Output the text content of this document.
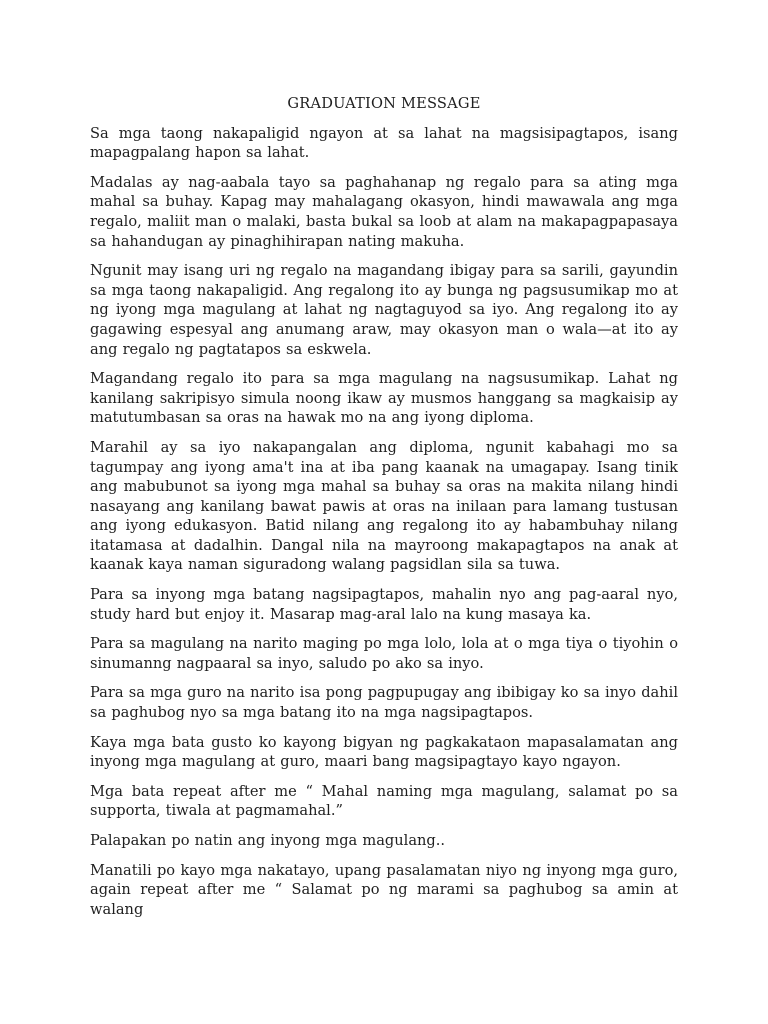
GRADUATION MESSAGE

Sa mga taong nakapaligid ngayon at sa lahat na magsisipagtapos, isang mapagpalang hapon sa lahat.

Madalas ay nag-aabala tayo sa paghahanap ng regalo para sa ating mga mahal sa buhay. Kapag may mahalagang okasyon, hindi mawawala ang mga regalo, maliit man o malaki, basta bukal sa loob at alam na makapagpapasaya sa hahandugan ay pinaghihirapan nating makuha.

Ngunit may isang uri ng regalo na magandang ibigay para sa sarili, gayundin sa mga taong nakapaligid. Ang regalong ito ay bunga ng pagsusumikap mo at ng iyong mga magulang at lahat ng nagtaguyod sa iyo. Ang regalong ito ay gagawing espesyal ang anumang araw, may okasyon man o wala—at ito ay ang regalo ng pagtatapos sa eskwela.

Magandang regalo ito para sa mga magulang na nagsusumikap. Lahat ng kanilang sakripisyo simula noong ikaw ay musmos hanggang sa magkaisip ay matutumbasan sa oras na hawak mo na ang iyong diploma.

Marahil ay sa iyo nakapangalan ang diploma, ngunit kabahagi mo sa tagumpay ang iyong ama't ina at iba pang kaanak na umagapay. Isang tinik ang mabubunot sa iyong mga mahal sa buhay sa oras na makita nilang hindi nasayang ang kanilang bawat pawis at oras na inilaan para lamang tustusan ang iyong edukasyon. Batid nilang ang regalong ito ay habambuhay nilang itatamasa at dadalhin. Dangal nila na mayroong makapagtapos na anak at kaanak kaya naman siguradong walang pagsidlan sila sa tuwa.

Para sa inyong mga batang nagsipagtapos, mahalin nyo ang pag-aaral nyo, study hard but enjoy it. Masarap mag-aral lalo na kung masaya ka.

Para sa magulang na narito maging po mga lolo, lola at o mga tiya o tiyohin o sinumanng nagpaaral sa inyo, saludo po ako sa inyo.

Para sa mga guro na narito isa pong pagpupugay ang ibibigay ko sa inyo dahil sa paghubog nyo sa mga batang ito na mga nagsipagtapos.

Kaya mga bata gusto ko kayong bigyan ng pagkakataon mapasalamatan ang inyong mga magulang at guro, maari bang magsipagtayo kayo ngayon.

Mga bata repeat after me “ Mahal naming mga magulang, salamat po sa supporta, tiwala at pagmamahal.”

Palapakan po natin ang inyong mga magulang..

Manatili po kayo mga nakatayo, upang pasalamatan niyo ng inyong mga guro, again repeat after me “ Salamat po ng marami sa paghubog sa amin at walang
